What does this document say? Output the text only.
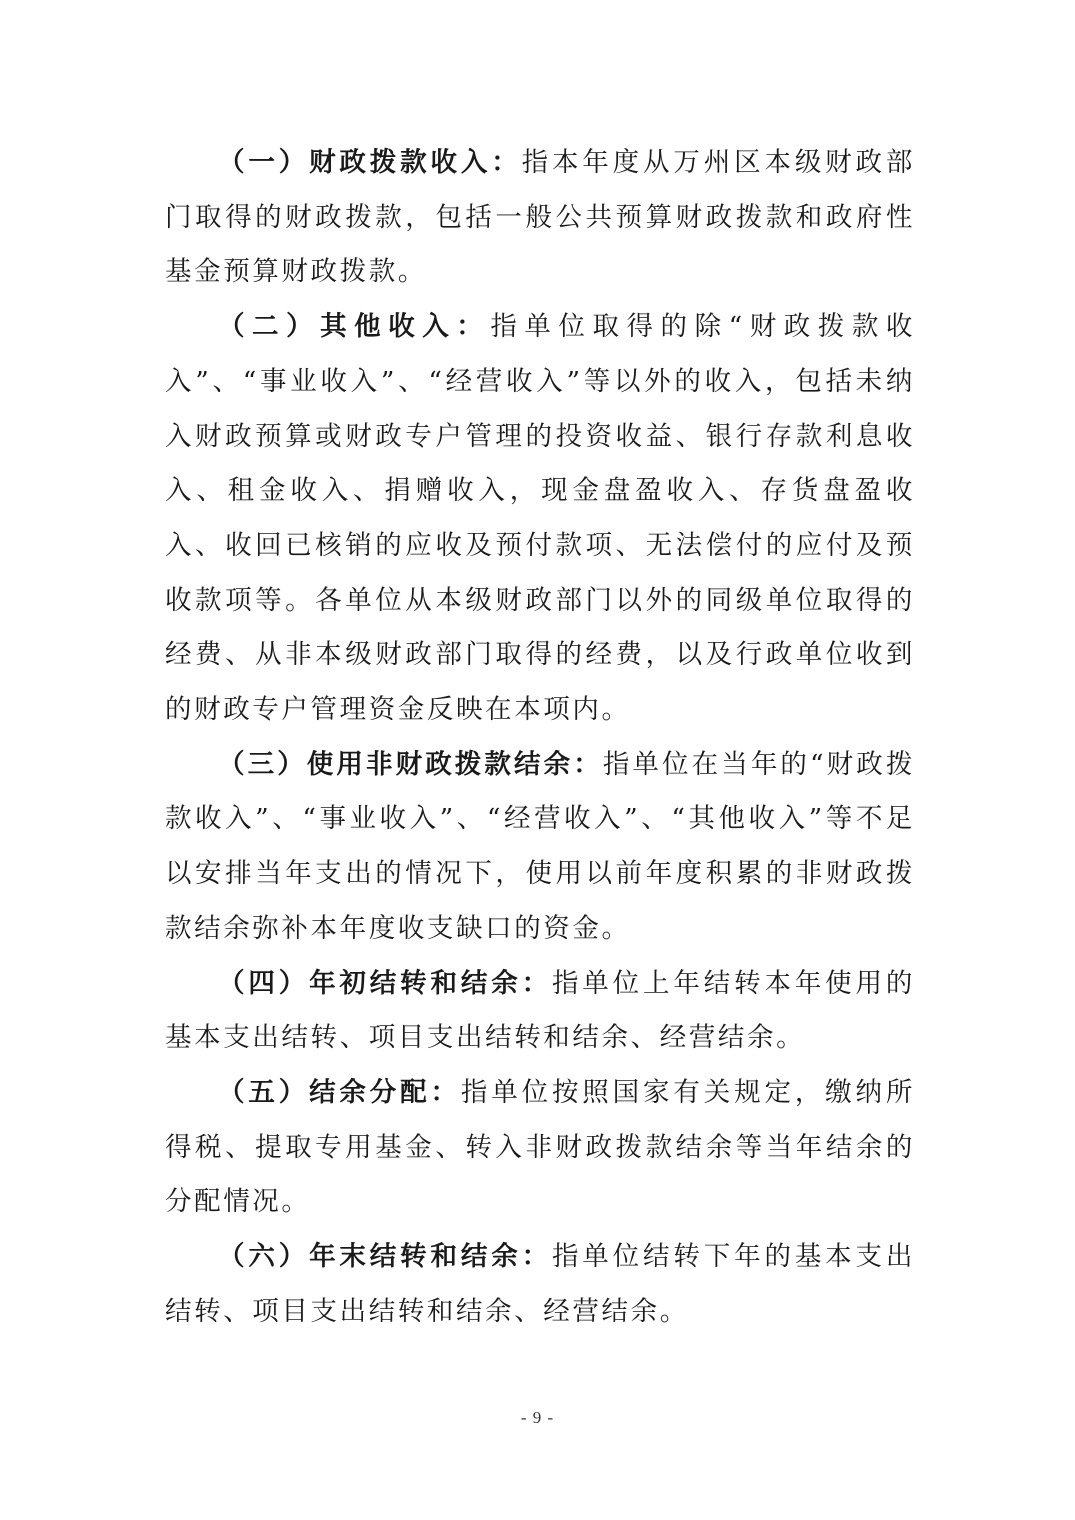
（一）财政拨款收入：指本年度从万州区本级财政部门取得的财政拨款，包括一般公共预算财政拨款和政府性基金预算财政拨款。

（二）其他收入：指单位取得的除“财政拨款收入”、“事业收入”、“经营收入”等以外的收入，包括未纳入财政预算或财政专户管理的投资收益、银行存款利息收入、租金收入、捐赠收入，现金盘盈收入、存货盘盈收入、收回已核销的应收及预付款项、无法偿付的应付及预收款项等。各单位从本级财政部门以外的同级单位取得的经费、从非本级财政部门取得的经费，以及行政单位收到的财政专户管理资金反映在本项内。

（三）使用非财政拨款结余：指单位在当年的“财政拨款收入”、“事业收入”、“经营收入”、“其他收入”等不足以安排当年支出的情况下，使用以前年度积累的非财政拨款结余弥补本年度收支缺口的资金。

（四）年初结转和结余：指单位上年结转本年使用的基本支出结转、项目支出结转和结余、经营结余。

（五）结余分配：指单位按照国家有关规定，缴纳所得税、提取专用基金、转入非财政拨款结余等当年结余的分配情况。

（六）年末结转和结余：指单位结转下年的基本支出结转、项目支出结转和结余、经营结余。

- 9 -
